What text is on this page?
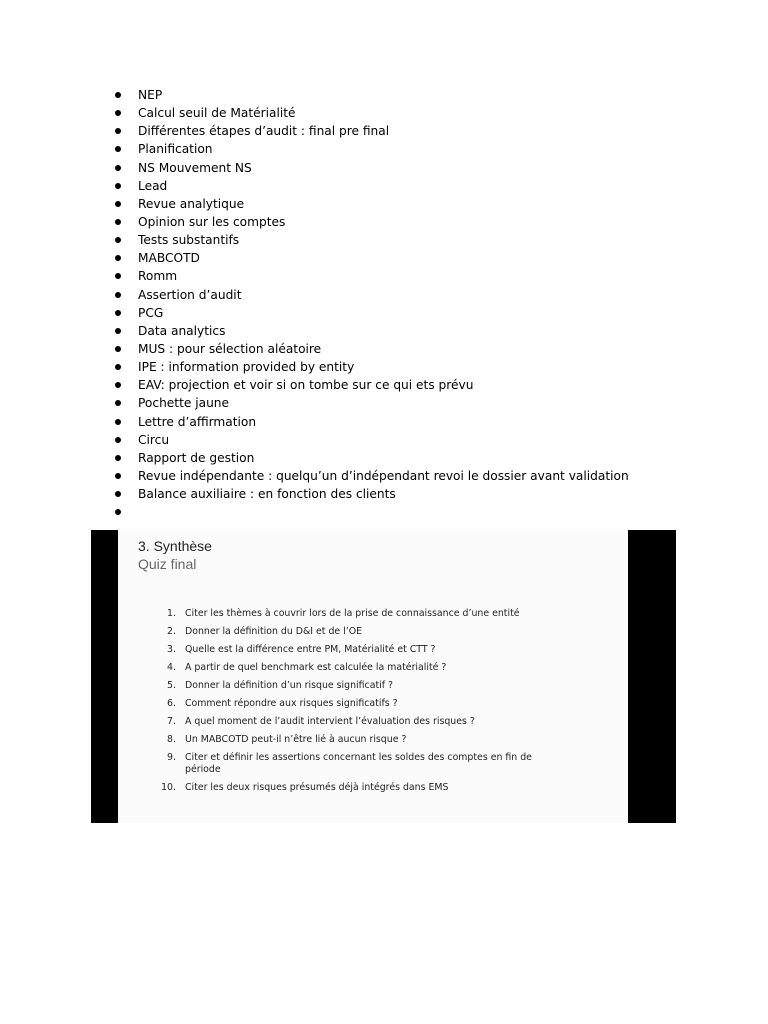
NEP
Calcul seuil de Matérialité
Différentes étapes d’audit : final pre final
Planification
NS Mouvement NS
Lead
Revue analytique
Opinion sur les comptes
Tests substantifs
MABCOTD
Romm
Assertion d’audit
PCG
Data analytics
MUS : pour sélection aléatoire
IPE : information provided by entity
EAV: projection et voir si on tombe sur ce qui ets prévu
Pochette jaune
Lettre d’affirmation
Circu
Rapport de gestion
Revue indépendante : quelqu’un d’indépendant revoi le dossier avant validation
Balance auxiliaire : en fonction des clients
3. Synthèse
Quiz final
1. Citer les thèmes à couvrir lors de la prise de connaissance d’une entité
2. Donner la définition du D&I et de l’OE
3. Quelle est la différence entre PM, Matérialité et CTT ?
4. A partir de quel benchmark est calculée la matérialité ?
5. Donner la définition d’un risque significatif ?
6. Comment répondre aux risques significatifs ?
7. A quel moment de l’audit intervient l’évaluation des risques ?
8. Un MABCOTD peut-il n’être lié à aucun risque ?
9. Citer et définir les assertions concernant les soldes des comptes en fin de période
10. Citer les deux risques présumés déjà intégrés dans EMS
